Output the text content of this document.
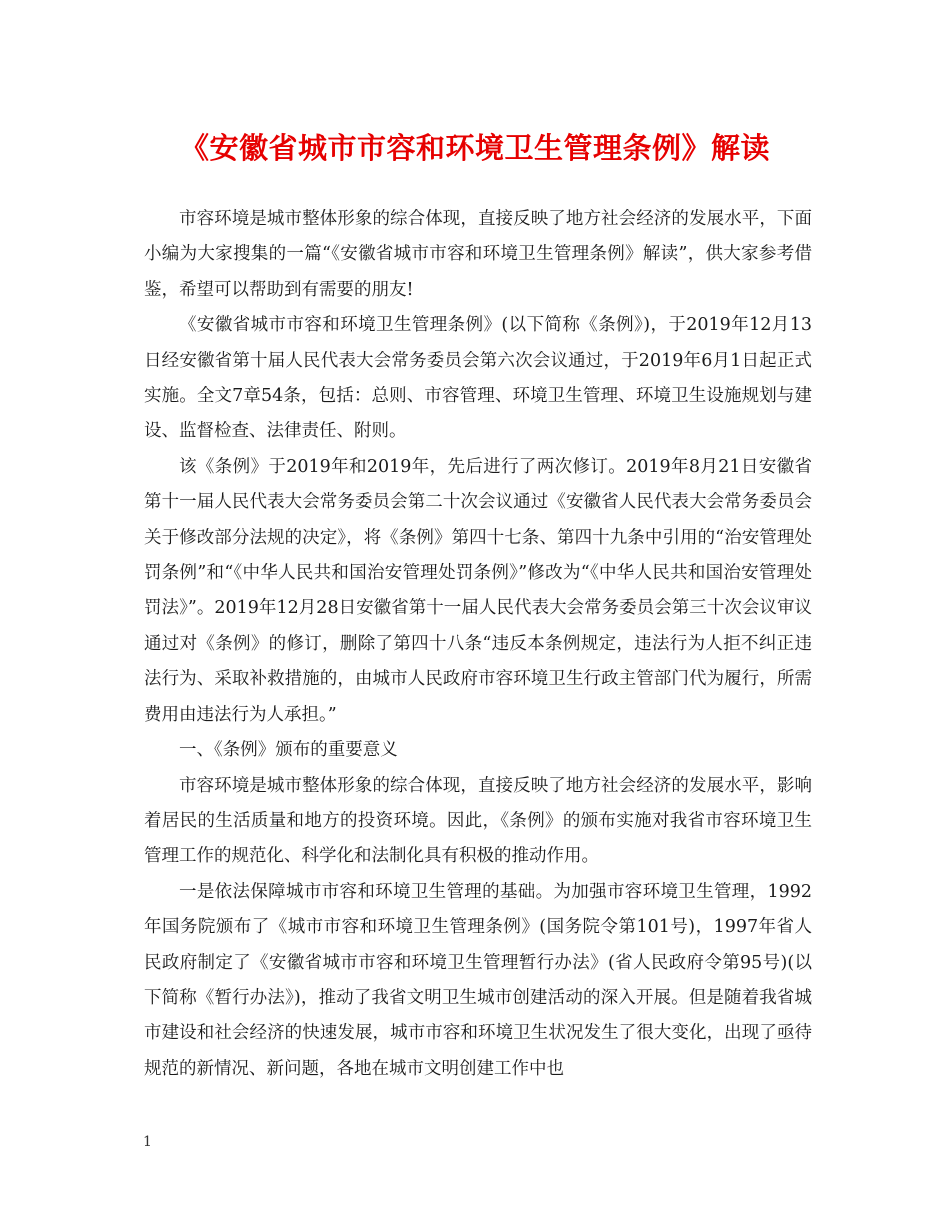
《安徽省城市市容和环境卫生管理条例》解读

市容环境是城市整体形象的综合体现，直接反映了地方社会经济的发展水平，下面小编为大家搜集的一篇“《安徽省城市市容和环境卫生管理条例》解读”，供大家参考借鉴，希望可以帮助到有需要的朋友!

《安徽省城市市容和环境卫生管理条例》(以下简称《条例》)，于2019年12月13日经安徽省第十届人民代表大会常务委员会第六次会议通过，于2019年6月1日起正式实施。全文7章54条，包括：总则、市容管理、环境卫生管理、环境卫生设施规划与建设、监督检查、法律责任、附则。

该《条例》于2019年和2019年，先后进行了两次修订。2019年8月21日安徽省第十一届人民代表大会常务委员会第二十次会议通过《安徽省人民代表大会常务委员会关于修改部分法规的决定》，将《条例》第四十七条、第四十九条中引用的“治安管理处罚条例”和“《中华人民共和国治安管理处罚条例》”修改为“《中华人民共和国治安管理处罚法》”。2019年12月28日安徽省第十一届人民代表大会常务委员会第三十次会议审议通过对《条例》的修订，删除了第四十八条“违反本条例规定，违法行为人拒不纠正违法行为、采取补救措施的，由城市人民政府市容环境卫生行政主管部门代为履行，所需费用由违法行为人承担。”

一、《条例》颁布的重要意义

市容环境是城市整体形象的综合体现，直接反映了地方社会经济的发展水平，影响着居民的生活质量和地方的投资环境。因此，《条例》的颁布实施对我省市容环境卫生管理工作的规范化、科学化和法制化具有积极的推动作用。

一是依法保障城市市容和环境卫生管理的基础。为加强市容环境卫生管理，1992年国务院颁布了《城市市容和环境卫生管理条例》(国务院令第101号)，1997年省人民政府制定了《安徽省城市市容和环境卫生管理暂行办法》(省人民政府令第95号)(以下简称《暂行办法》)，推动了我省文明卫生城市创建活动的深入开展。但是随着我省城市建设和社会经济的快速发展，城市市容和环境卫生状况发生了很大变化，出现了亟待规范的新情况、新问题，各地在城市文明创建工作中也

1
